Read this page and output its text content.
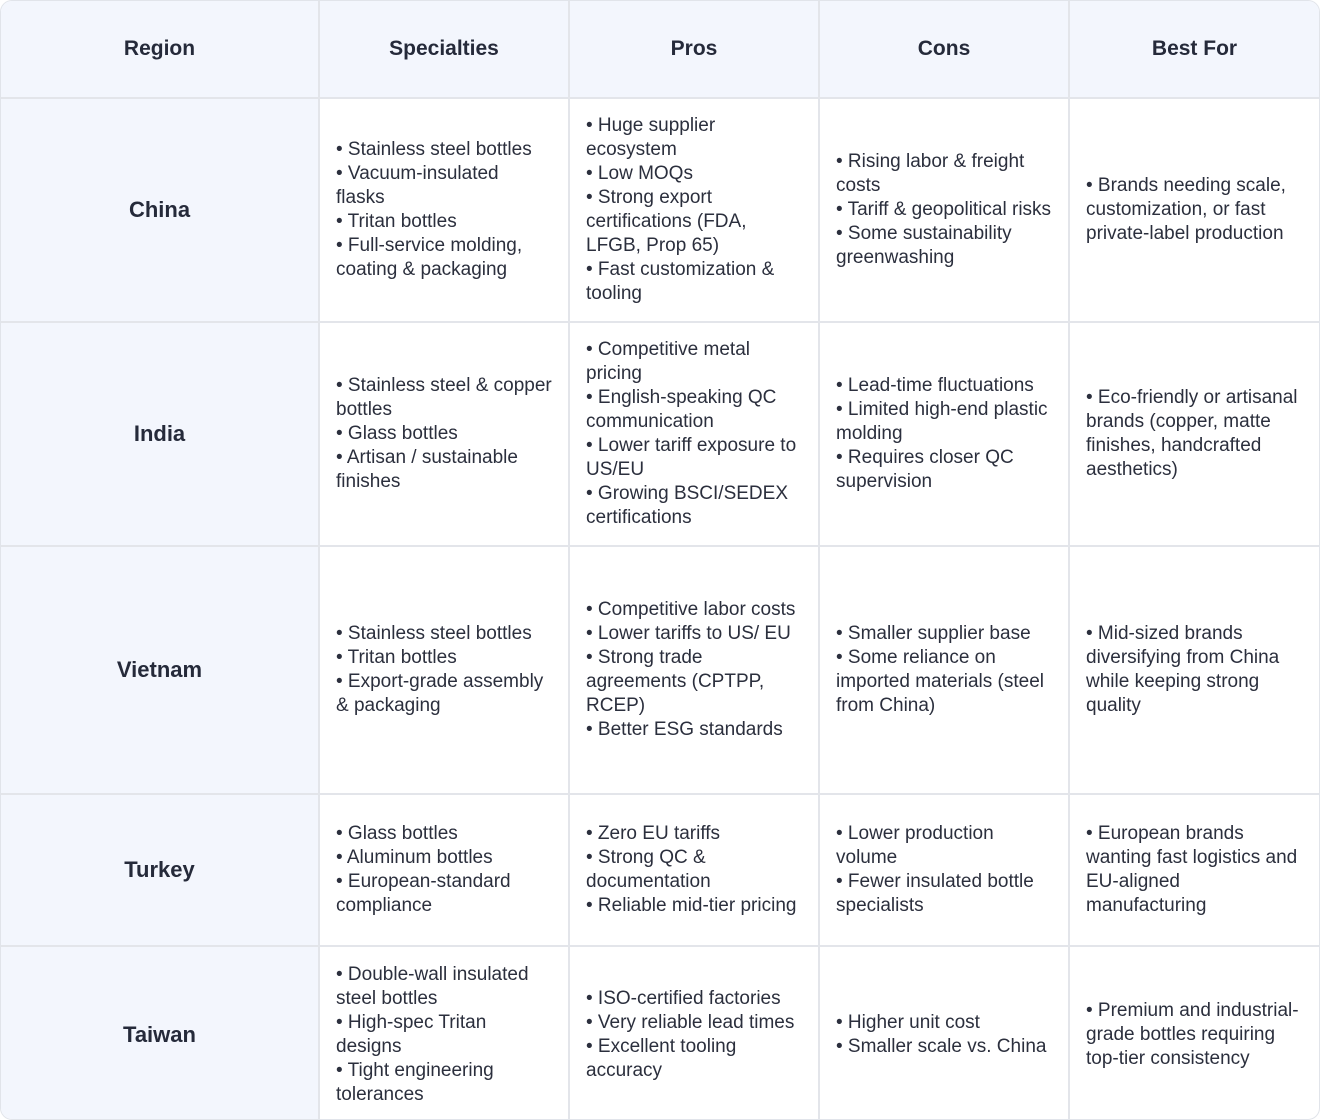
Region	Specialties	Pros	Cons	Best For
China	• Stainless steel bottles
• Vacuum-insulated flasks
• Tritan bottles
• Full-service molding, coating & packaging	• Huge supplier ecosystem
• Low MOQs
• Strong export certifications (FDA, LFGB, Prop 65)
• Fast customization & tooling	• Rising labor & freight costs
• Tariff & geopolitical risks
• Some sustainability greenwashing	• Brands needing scale, customization, or fast private-label production

India	• Stainless steel & copper bottles
• Glass bottles
• Artisan / sustainable finishes	• Competitive metal pricing
• English-speaking QC communication
• Lower tariff exposure to US/EU
• Growing BSCI/SEDEX certifications	• Lead-time fluctuations
• Limited high-end plastic molding
• Requires closer QC supervision	• Eco-friendly or artisanal brands (copper, matte finishes, handcrafted aesthetics)

Vietnam	• Stainless steel bottles
• Tritan bottles
• Export-grade assembly & packaging	• Competitive labor costs
• Lower tariffs to US/ EU
• Strong trade agreements (CPTPP, RCEP)
• Better ESG standards	• Smaller supplier base
• Some reliance on imported materials (steel from China)	• Mid-sized brands diversifying from China while keeping strong quality

Turkey	• Glass bottles
• Aluminum bottles
• European-standard compliance	• Zero EU tariffs
• Strong QC & documentation
• Reliable mid-tier pricing	• Lower production volume
• Fewer insulated bottle specialists	• European brands wanting fast logistics and EU-aligned manufacturing

Taiwan	• Double-wall insulated steel bottles
• High-spec Tritan designs
• Tight engineering tolerances	• ISO-certified factories
• Very reliable lead times
• Excellent tooling accuracy	• Higher unit cost
• Smaller scale vs. China	• Premium and industrial-grade bottles requiring top-tier consistency
